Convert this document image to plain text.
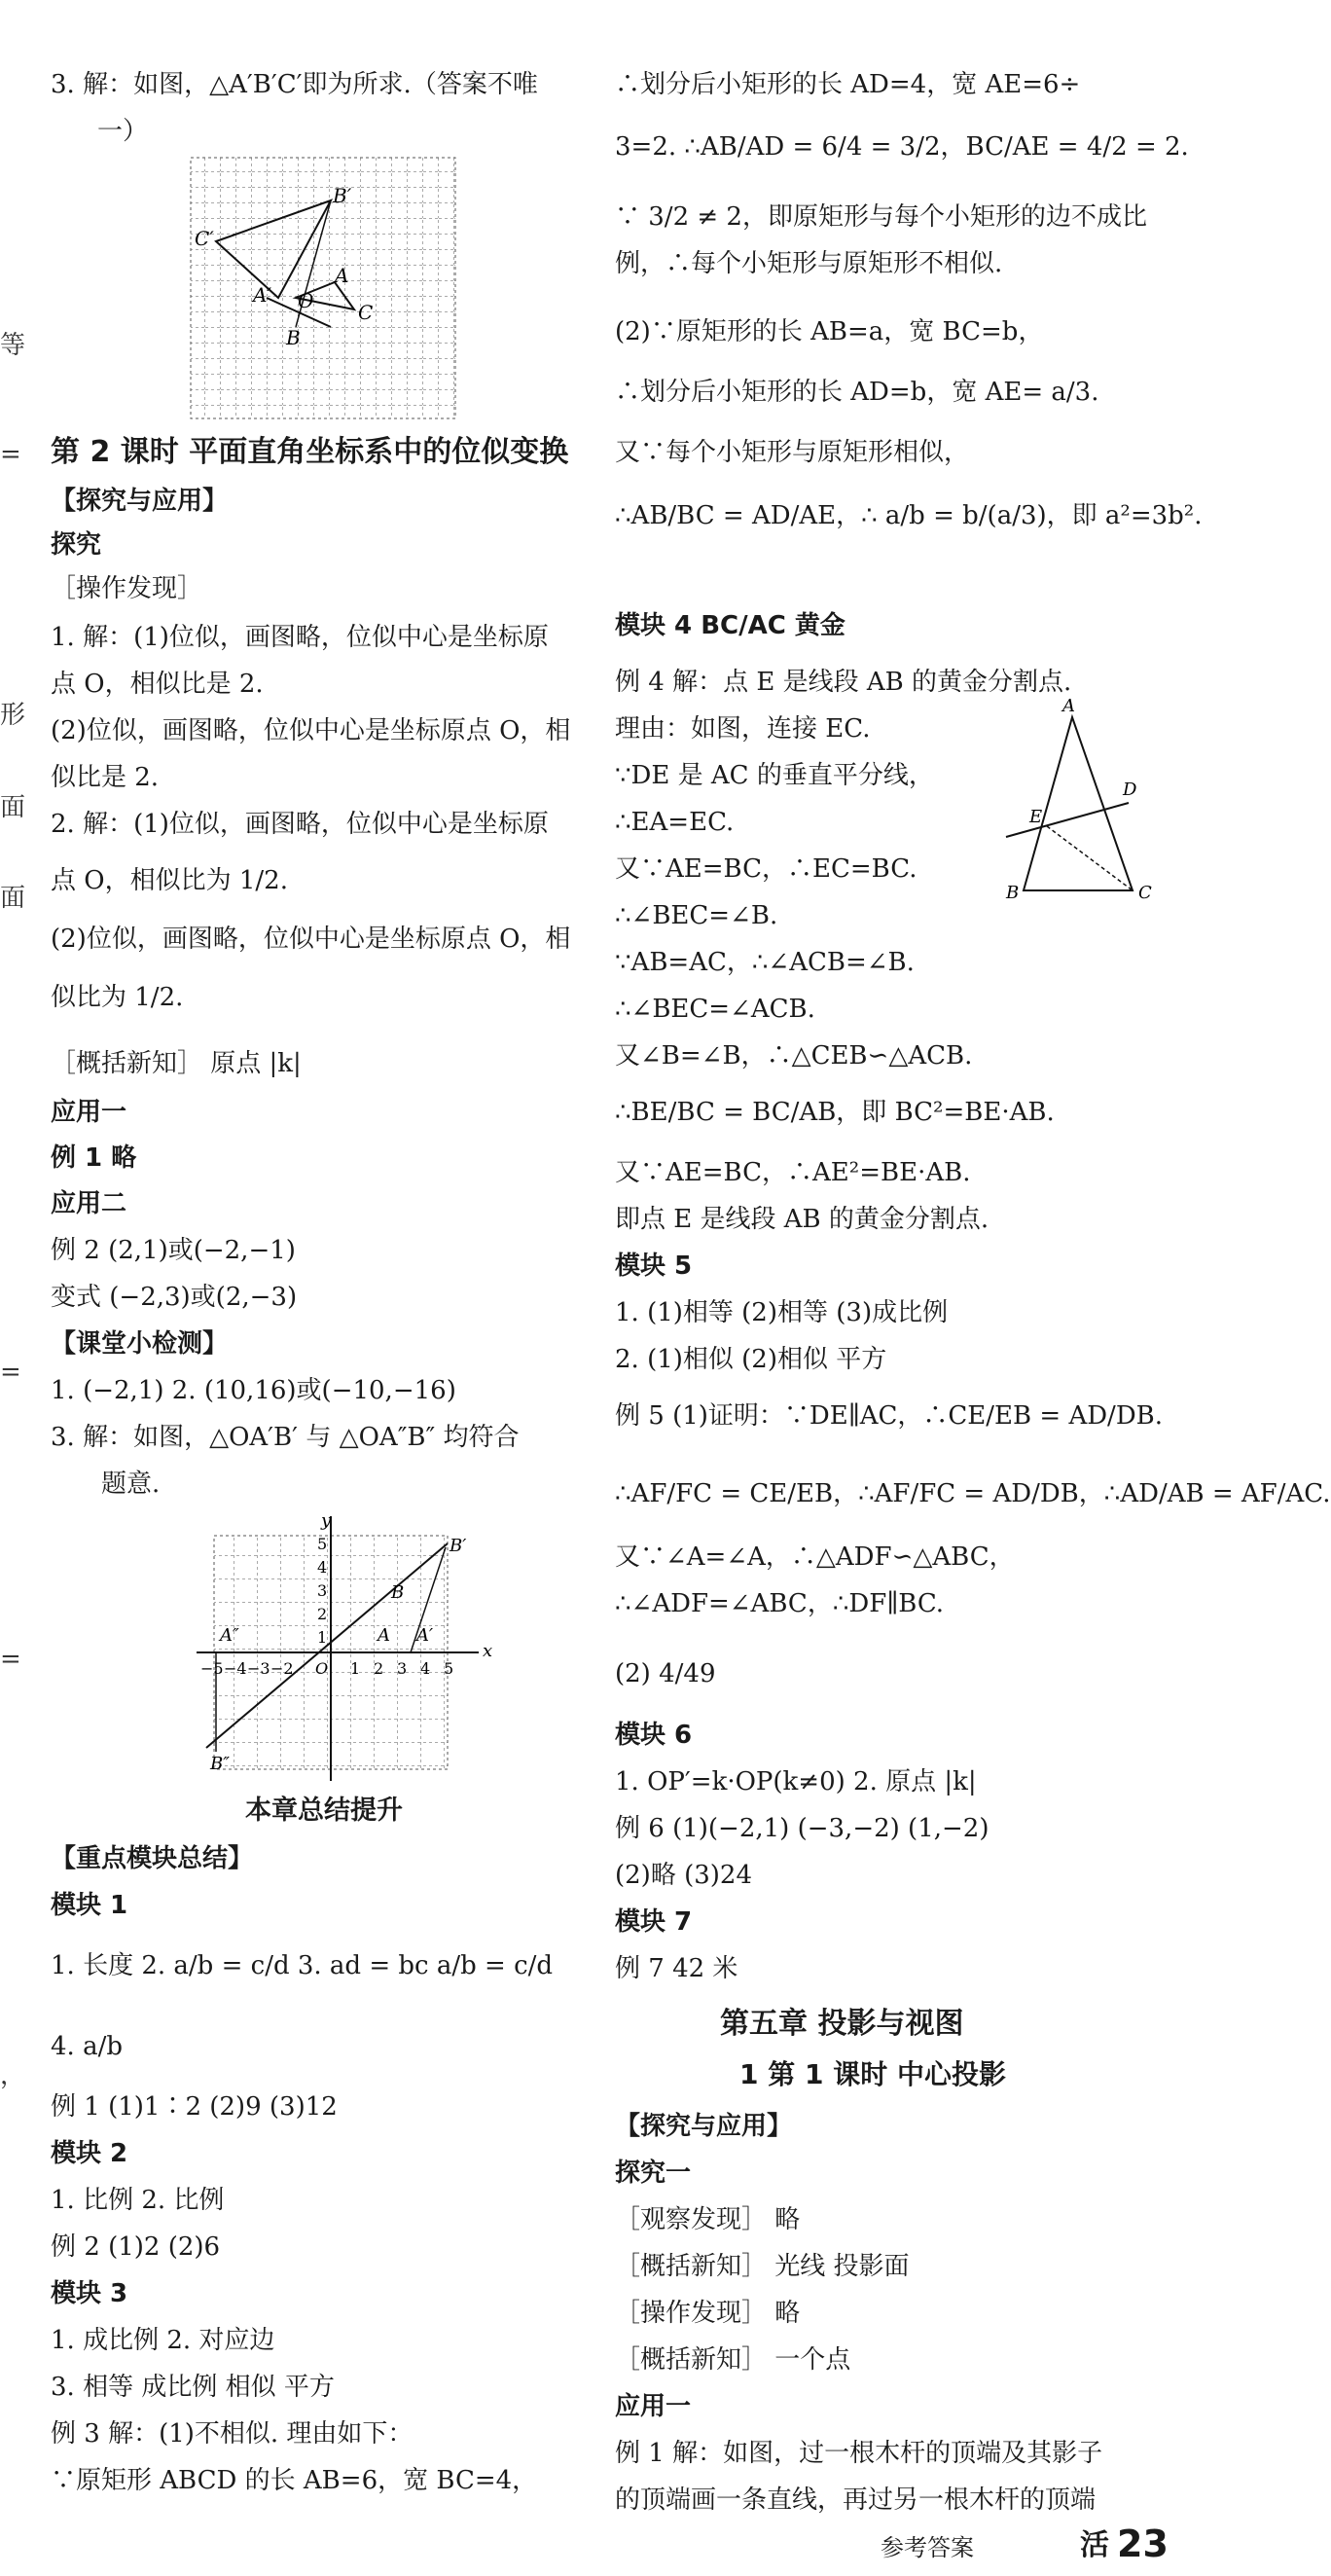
等
=
形
面
面
=
=
，
3. 解：如图，△A′B′C′即为所求.（答案不唯
一）
C′
B′
A′
A
O
B
C
第 2 课时 平面直角坐标系中的位似变换
【探究与应用】
探究
［操作发现］
1. 解：(1)位似，画图略，位似中心是坐标原
点 O，相似比是 2.
(2)位似，画图略，位似中心是坐标原点 O，相
似比是 2.
2. 解：(1)位似，画图略，位似中心是坐标原
点 O，相似比为 1/2.
(2)位似，画图略，位似中心是坐标原点 O，相
似比为 1/2.
［概括新知］ 原点 |k|
应用一
例 1 略
应用二
例 2 (2,1)或(−2,−1)
变式 (−2,3)或(2,−3)
【课堂小检测】
1. (−2,1) 2. (10,16)或(−10,−16)
3. 解：如图，△OA′B′ 与 △OA″B″ 均符合
题意.
y
5
4
3
2
1
B′
B
A″	A A′
−5 −4 −3 −2 O 1 2 3 4 5
x
B″
本章总结提升
【重点模块总结】
模块 1
1. 长度 2. a/b = c/d 3. ad = bc a/b = c/d
4. a/b
例 1 (1)1∶2 (2)9 (3)12
模块 2
1. 比例 2. 比例
例 2 (1)2 (2)6
模块 3
1. 成比例 2. 对应边
3. 相等 成比例 相似 平方
例 3 解：(1)不相似. 理由如下：
∵原矩形 ABCD 的长 AB=6，宽 BC=4，
∴划分后小矩形的长 AD=4，宽 AE=6÷
3=2. ∴AB/AD = 6/4 = 3/2，BC/AE = 4/2 = 2.
∵ 3/2 ≠ 2，即原矩形与每个小矩形的边不成比
例，∴每个小矩形与原矩形不相似.
(2)∵原矩形的长 AB=a，宽 BC=b，
∴划分后小矩形的长 AD=b，宽 AE= a/3.
又∵每个小矩形与原矩形相似，
∴AB/BC = AD/AE，∴ a/b = b/(a/3)，即 a²=3b².
模块 4 BC/AC 黄金
例 4 解：点 E 是线段 AB 的黄金分割点.
理由：如图，连接 EC.
∵DE 是 AC 的垂直平分线，
∴EA=EC.
又∵AE=BC，∴EC=BC.
∴∠BEC=∠B.
∵AB=AC，∴∠ACB=∠B.
∴∠BEC=∠ACB.
又∠B=∠B，∴△CEB∽△ACB.
∴BE/BC = BC/AB，即 BC²=BE·AB.
又∵AE=BC，∴AE²=BE·AB.
即点 E 是线段 AB 的黄金分割点.
模块 5
1. (1)相等 (2)相等 (3)成比例
2. (1)相似 (2)相似 平方
例 5 (1)证明：∵DE∥AC，∴CE/EB = AD/DB.
∴AF/FC = CE/EB，∴AF/FC = AD/DB，∴AD/AB = AF/AC.
又∵∠A=∠A，∴△ADF∽△ABC，
∴∠ADF=∠ABC，∴DF∥BC.
(2) 4/49
模块 6
1. OP′=k·OP(k≠0) 2. 原点 |k|
例 6 (1)(−2,1) (−3,−2) (1,−2)
(2)略 (3)24
模块 7
例 7 42 米
A
D
E
B	C
第五章 投影与视图
1 第 1 课时 中心投影
【探究与应用】
探究一
［观察发现］ 略
［概括新知］ 光线 投影面
［操作发现］ 略
［概括新知］ 一个点
应用一
例 1 解：如图，过一根木杆的顶端及其影子
的顶端画一条直线，再过另一根木杆的顶端
参考答案	活 23
